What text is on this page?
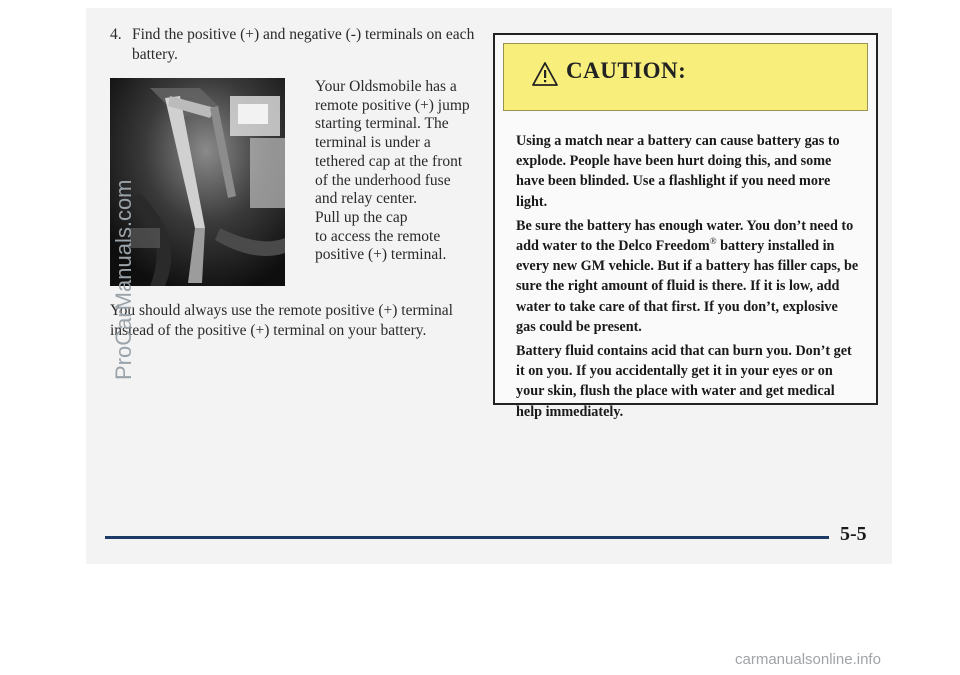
4. Find the positive (+) and negative (-) terminals on each battery.
Your Oldsmobile has a
remote positive (+) jump
starting terminal. The
terminal is under a
tethered cap at the front
of the underhood fuse
and relay center.
Pull up the cap
to access the remote
positive (+) terminal.
You should always use the remote positive (+) terminal instead of the positive (+) terminal on your battery.
CAUTION:

Using a match near a battery can cause battery gas to explode. People have been hurt doing this, and some have been blinded. Use a flashlight if you need more light.

Be sure the battery has enough water. You don’t need to add water to the Delco Freedom® battery installed in every new GM vehicle. But if a battery has filler caps, be sure the right amount of fluid is there. If it is low, add water to take care of that first. If you don’t, explosive gas could be present.

Battery fluid contains acid that can burn you. Don’t get it on you. If you accidentally get it in your eyes or on your skin, flush the place with water and get medical help immediately.

5-5
ProCarManuals.com
carmanualsonline.info
